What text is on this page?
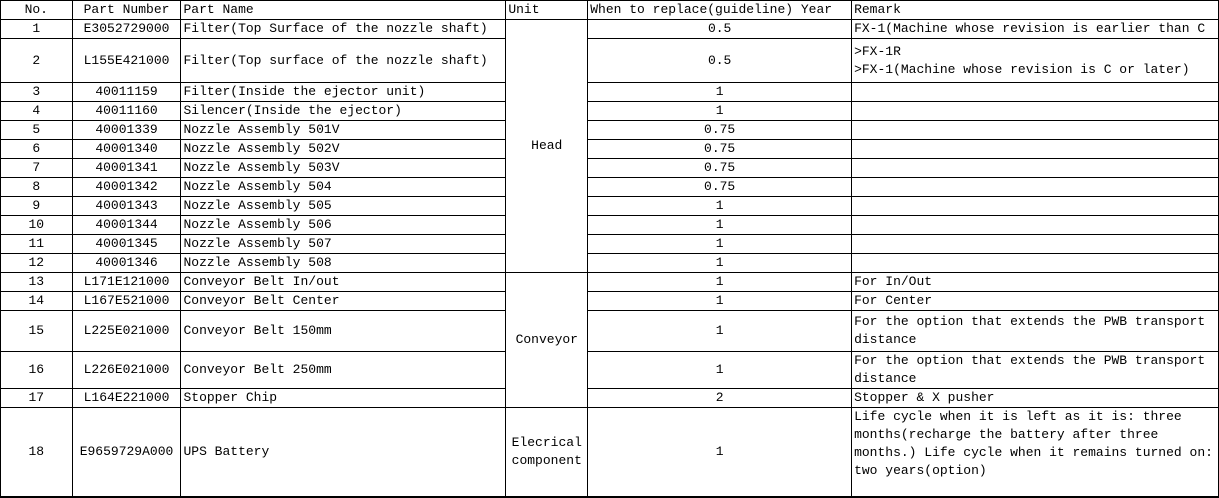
No.	Part Number	Part Name	Unit	When to replace(guideline) Year	Remark
1	E3052729000	Filter(Top Surface of the nozzle shaft)	Head	0.5	FX-1(Machine whose revision is earlier than C
2	L155E421000	Filter(Top surface of the nozzle shaft)		0.5	>FX-1R
>FX-1(Machine whose revision is C or later)
3	40011159	Filter(Inside the ejector unit)		1	
4	40011160	Silencer(Inside the ejector)		1	
5	40001339	Nozzle Assembly 501V		0.75	
6	40001340	Nozzle Assembly 502V		0.75	
7	40001341	Nozzle Assembly 503V		0.75	
8	40001342	Nozzle Assembly 504		0.75	
9	40001343	Nozzle Assembly 505		1	
10	40001344	Nozzle Assembly 506		1	
11	40001345	Nozzle Assembly 507		1	
12	40001346	Nozzle Assembly 508		1	
13	L171E121000	Conveyor Belt In/out	Conveyor	1	For In/Out
14	L167E521000	Conveyor Belt Center		1	For Center
15	L225E021000	Conveyor Belt 150mm		1	For the option that extends the PWB transport distance
16	L226E021000	Conveyor Belt 250mm		1	For the option that extends the PWB transport distance
17	L164E221000	Stopper Chip		2	Stopper & X pusher
18	E9659729A000	UPS Battery	Elecrical component	1	Life cycle when it is left as it is: three months(recharge the battery after three months.) Life cycle when it remains turned on: two years(option)
